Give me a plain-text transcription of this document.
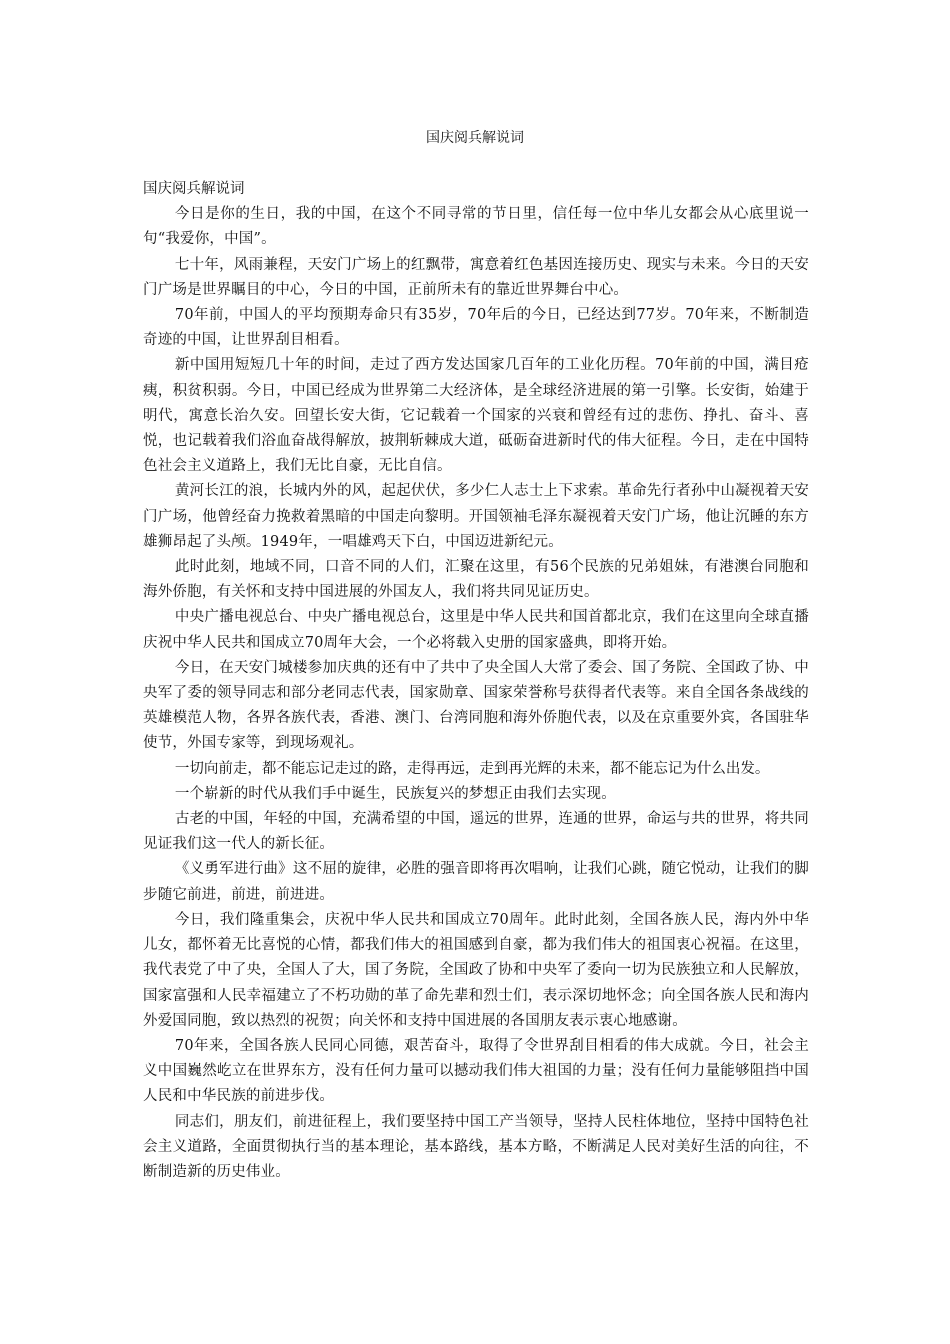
国庆阅兵解说词

国庆阅兵解说词

今日是你的生日，我的中国，在这个不同寻常的节日里，信任每一位中华儿女都会从心底里说一句“我爱你，中国”。

七十年，风雨兼程，天安门广场上的红飘带，寓意着红色基因连接历史、现实与未来。今日的天安门广场是世界瞩目的中心，今日的中国，正前所未有的靠近世界舞台中心。

70年前，中国人的平均预期寿命只有35岁，70年后的今日，已经达到77岁。70年来，不断制造奇迹的中国，让世界刮目相看。

新中国用短短几十年的时间，走过了西方发达国家几百年的工业化历程。70年前的中国，满目疮痍，积贫积弱。今日，中国已经成为世界第二大经济体，是全球经济进展的第一引擎。长安街，始建于明代，寓意长治久安。回望长安大街，它记载着一个国家的兴衰和曾经有过的悲伤、挣扎、奋斗、喜悦，也记载着我们浴血奋战得解放，披荆斩棘成大道，砥砺奋进新时代的伟大征程。今日，走在中国特色社会主义道路上，我们无比自豪，无比自信。

黄河长江的浪，长城内外的风，起起伏伏，多少仁人志士上下求索。革命先行者孙中山凝视着天安门广场，他曾经奋力挽救着黑暗的中国走向黎明。开国领袖毛泽东凝视着天安门广场，他让沉睡的东方雄狮昂起了头颅。1949年，一唱雄鸡天下白，中国迈进新纪元。

此时此刻，地域不同，口音不同的人们，汇聚在这里，有56个民族的兄弟姐妹，有港澳台同胞和海外侨胞，有关怀和支持中国进展的外国友人，我们将共同见证历史。

中央广播电视总台、中央广播电视总台，这里是中华人民共和国首都北京，我们在这里向全球直播庆祝中华人民共和国成立70周年大会，一个必将载入史册的国家盛典，即将开始。

今日，在天安门城楼参加庆典的还有中了共中了央全国人大常了委会、国了务院、全国政了协、中央军了委的领导同志和部分老同志代表，国家勋章、国家荣誉称号获得者代表等。来自全国各条战线的英雄模范人物，各界各族代表，香港、澳门、台湾同胞和海外侨胞代表，以及在京重要外宾，各国驻华使节，外国专家等，到现场观礼。

一切向前走，都不能忘记走过的路，走得再远，走到再光辉的未来，都不能忘记为什么出发。

一个崭新的时代从我们手中诞生，民族复兴的梦想正由我们去实现。

古老的中国，年轻的中国，充满希望的中国，遥远的世界，连通的世界，命运与共的世界，将共同见证我们这一代人的新长征。

《义勇军进行曲》这不屈的旋律，必胜的强音即将再次唱响，让我们心跳，随它悦动，让我们的脚步随它前进，前进，前进进。

今日，我们隆重集会，庆祝中华人民共和国成立70周年。此时此刻，全国各族人民，海内外中华儿女，都怀着无比喜悦的心情，都我们伟大的祖国感到自豪，都为我们伟大的祖国衷心祝福。在这里，我代表党了中了央，全国人了大，国了务院，全国政了协和中央军了委向一切为民族独立和人民解放，国家富强和人民幸福建立了不朽功勋的革了命先辈和烈士们，表示深切地怀念；向全国各族人民和海内外爱国同胞，致以热烈的祝贺；向关怀和支持中国进展的各国朋友表示衷心地感谢。

70年来，全国各族人民同心同德，艰苦奋斗，取得了令世界刮目相看的伟大成就。今日，社会主义中国巍然屹立在世界东方，没有任何力量可以撼动我们伟大祖国的力量；没有任何力量能够阻挡中国人民和中华民族的前进步伐。

同志们，朋友们，前进征程上，我们要坚持中国工产当领导，坚持人民柱体地位，坚持中国特色社会主义道路，全面贯彻执行当的基本理论，基本路线，基本方略，不断满足人民对美好生活的向往，不断制造新的历史伟业。
